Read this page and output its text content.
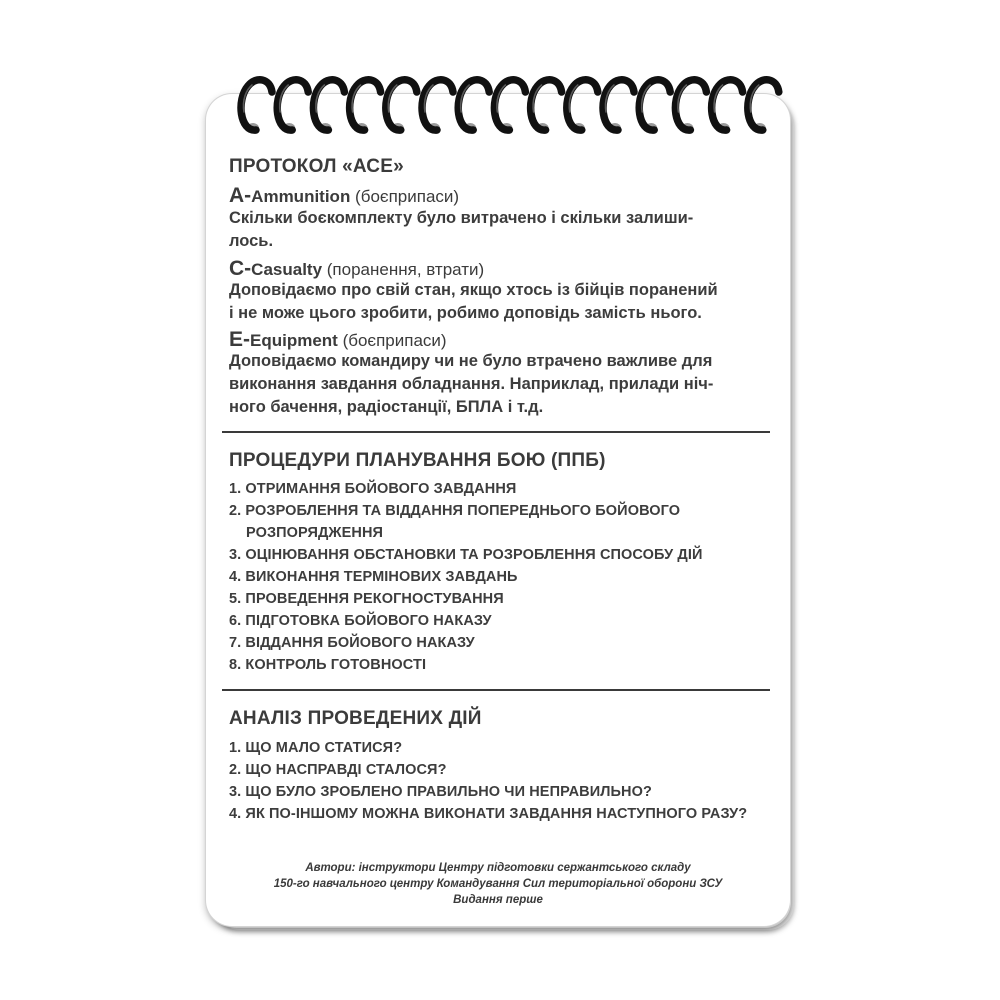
ПРОТОКОЛ «АСЕ»
А-Ammunition (боєприпаси)
Скільки боєкомплекту було витрачено і скільки залиши-
лось.
С-Casualty (поранення, втрати)
Доповідаємо про свій стан, якщо хтось із бійців поранений
і не може цього зробити, робимо доповідь замість нього.
Е-Equipment (боєприпаси)
Доповідаємо командиру чи не було втрачено важливе для
виконання завдання обладнання. Наприклад, прилади ніч-
ного бачення, радіостанції, БПЛА і т.д.
ПРОЦЕДУРИ ПЛАНУВАННЯ БОЮ (ППБ)
1. ОТРИМАННЯ БОЙОВОГО ЗАВДАННЯ
2. РОЗРОБЛЕННЯ ТА ВІДДАННЯ ПОПЕРЕДНЬОГО БОЙОВОГО
РОЗПОРЯДЖЕННЯ
3. ОЦІНЮВАННЯ ОБСТАНОВКИ ТА РОЗРОБЛЕННЯ СПОСОБУ ДІЙ
4. ВИКОНАННЯ ТЕРМІНОВИХ ЗАВДАНЬ
5. ПРОВЕДЕННЯ РЕКОГНОСТУВАННЯ
6. ПІДГОТОВКА БОЙОВОГО НАКАЗУ
7. ВІДДАННЯ БОЙОВОГО НАКАЗУ
8. КОНТРОЛЬ ГОТОВНОСТІ
АНАЛІЗ ПРОВЕДЕНИХ ДІЙ
1. ЩО МАЛО СТАТИСЯ?
2. ЩО НАСПРАВДІ СТАЛОСЯ?
3. ЩО БУЛО ЗРОБЛЕНО ПРАВИЛЬНО ЧИ НЕПРАВИЛЬНО?
4. ЯК ПО-ІНШОМУ МОЖНА ВИКОНАТИ ЗАВДАННЯ НАСТУПНОГО РАЗУ?
Автори: інструктори Центру підготовки сержантського складу
150-го навчального центру Командування Сил територіальної оборони ЗСУ
Видання перше
